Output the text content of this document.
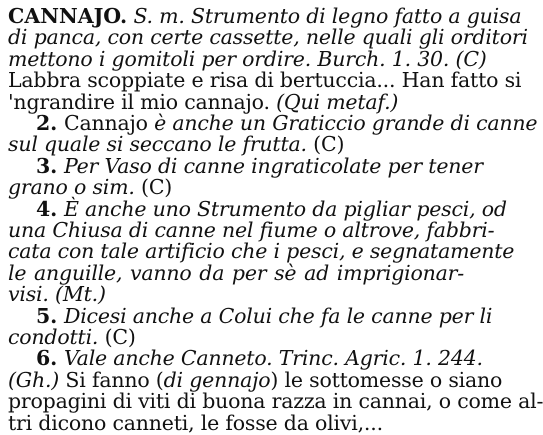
CANNAJO. S. m. Strumento di legno fatto a guisa
di panca, con certe cassette, nelle quali gli orditori
mettono i gomitoli per ordire. Burch. 1. 30. (C)
Labbra scoppiate e risa di bertuccia... Han fatto si
'ngrandire il mio cannajo. (Qui metaf.)
2. Cannajo è anche un Graticcio grande di canne
sul quale si seccano le frutta. (C)
3. Per Vaso di canne ingraticolate per tener
grano o sim. (C)
4. È anche uno Strumento da pigliar pesci, od
una Chiusa di canne nel fiume o altrove, fabbri-
cata con tale artificio che i pesci, e segnatamente
le anguille, vanno da per sè ad imprigionar-
visi. (Mt.)
5. Dicesi anche a Colui che fa le canne per li
condotti. (C)
6. Vale anche Canneto. Trinc. Agric. 1. 244.
(Gh.) Si fanno (di gennajo) le sottomesse o siano
propagini di viti di buona razza in cannai, o come al-
tri dicono canneti, le fosse da olivi,...
